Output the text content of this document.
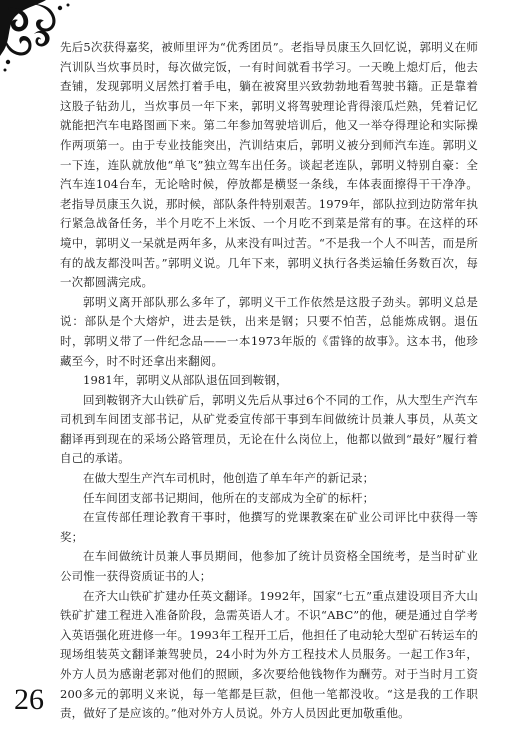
先后5次获得嘉奖，被师里评为“优秀团员”。老指导员康玉久回忆说，郭明义在师汽训队当炊事员时，每次做完饭，一有时间就看书学习。一天晚上熄灯后，他去查铺，发现郭明义居然打着手电，躺在被窝里兴致勃勃地看驾驶书籍。正是靠着这股子钻劲儿，当炊事员一年下来，郭明义将驾驶理论背得滚瓜烂熟，凭着记忆就能把汽车电路图画下来。第二年参加驾驶培训后，他又一举夺得理论和实际操作两项第一。由于专业技能突出，汽训结束后，郭明义被分到师汽车连。郭明义一下连，连队就放他“单飞”独立驾车出任务。谈起老连队，郭明义特别自豪：全汽车连104台车，无论啥时候，停放都是横竖一条线，车体表面擦得干干净净。老指导员康玉久说，那时候，部队条件特别艰苦。1979年，部队拉到边防常年执行紧急战备任务，半个月吃不上米饭、一个月吃不到菜是常有的事。在这样的环境中，郭明义一呆就是两年多，从来没有叫过苦。“不是我一个人不叫苦，而是所有的战友都没叫苦。”郭明义说。几年下来，郭明义执行各类运输任务数百次，每一次都圆满完成。

郭明义离开部队那么多年了，郭明义干工作依然是这股子劲头。郭明义总是说：部队是个大熔炉，进去是铁，出来是钢；只要不怕苦，总能炼成钢。退伍时，郭明义带了一件纪念品——一本1973年版的《雷锋的故事》。这本书，他珍藏至今，时不时还拿出来翻阅。

1981年，郭明义从部队退伍回到鞍钢，

回到鞍钢齐大山铁矿后，郭明义先后从事过6个不同的工作，从大型生产汽车司机到车间团支部书记，从矿党委宣传部干事到车间做统计员兼人事员，从英文翻译再到现在的采场公路管理员，无论在什么岗位上，他都以做到“最好”履行着自己的承诺。

在做大型生产汽车司机时，他创造了单车年产的新记录；

任车间团支部书记期间，他所在的支部成为全矿的标杆；

在宣传部任理论教育干事时，他撰写的党课教案在矿业公司评比中获得一等奖；

在车间做统计员兼人事员期间，他参加了统计员资格全国统考，是当时矿业公司惟一获得资质证书的人；

在齐大山铁矿扩建办任英文翻译。1992年，国家“七五”重点建设项目齐大山铁矿扩建工程进入准备阶段，急需英语人才。不识“ABC”的他，硬是通过自学考入英语强化班进修一年。1993年工程开工后，他担任了电动轮大型矿石转运车的现场组装英文翻译兼驾驶员，24小时为外方工程技术人员服务。一起工作3年，外方人员为感谢老郭对他们的照顾，多次要给他钱物作为酬劳。对于当时月工资200多元的郭明义来说，每一笔都是巨款，但他一笔都没收。“这是我的工作职责，做好了是应该的。”他对外方人员说。外方人员因此更加敬重他。

26
